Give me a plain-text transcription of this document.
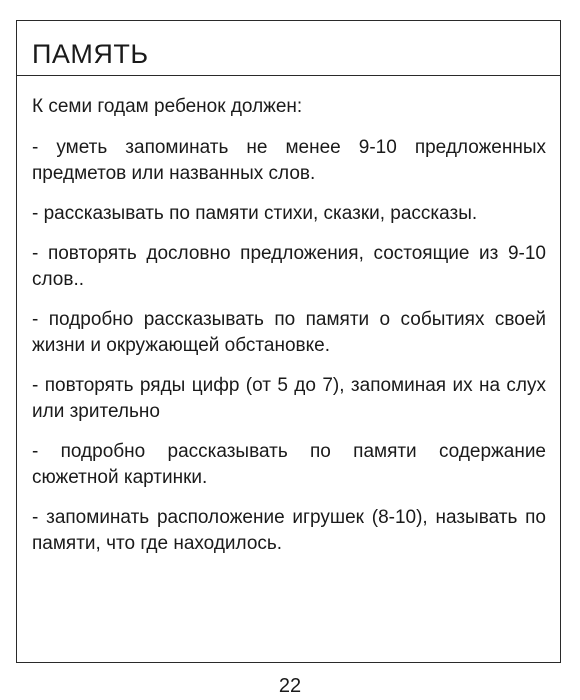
ПАМЯТЬ

К семи годам ребенок должен:

- уметь запоминать не менее 9-10 предложенных предметов или названных слов.

- рассказывать по памяти стихи, сказки, рассказы.

- повторять дословно предложения, состоящие из 9-10 слов..

- подробно рассказывать по памяти о событиях своей жизни и окружающей обстановке.

- повторять ряды цифр (от 5 до 7), запоминая их на слух или зрительно

- подробно рассказывать по памяти содержание сюжетной картинки.

- запоминать расположение игрушек (8-10), называть по памяти, что где находилось.

22
